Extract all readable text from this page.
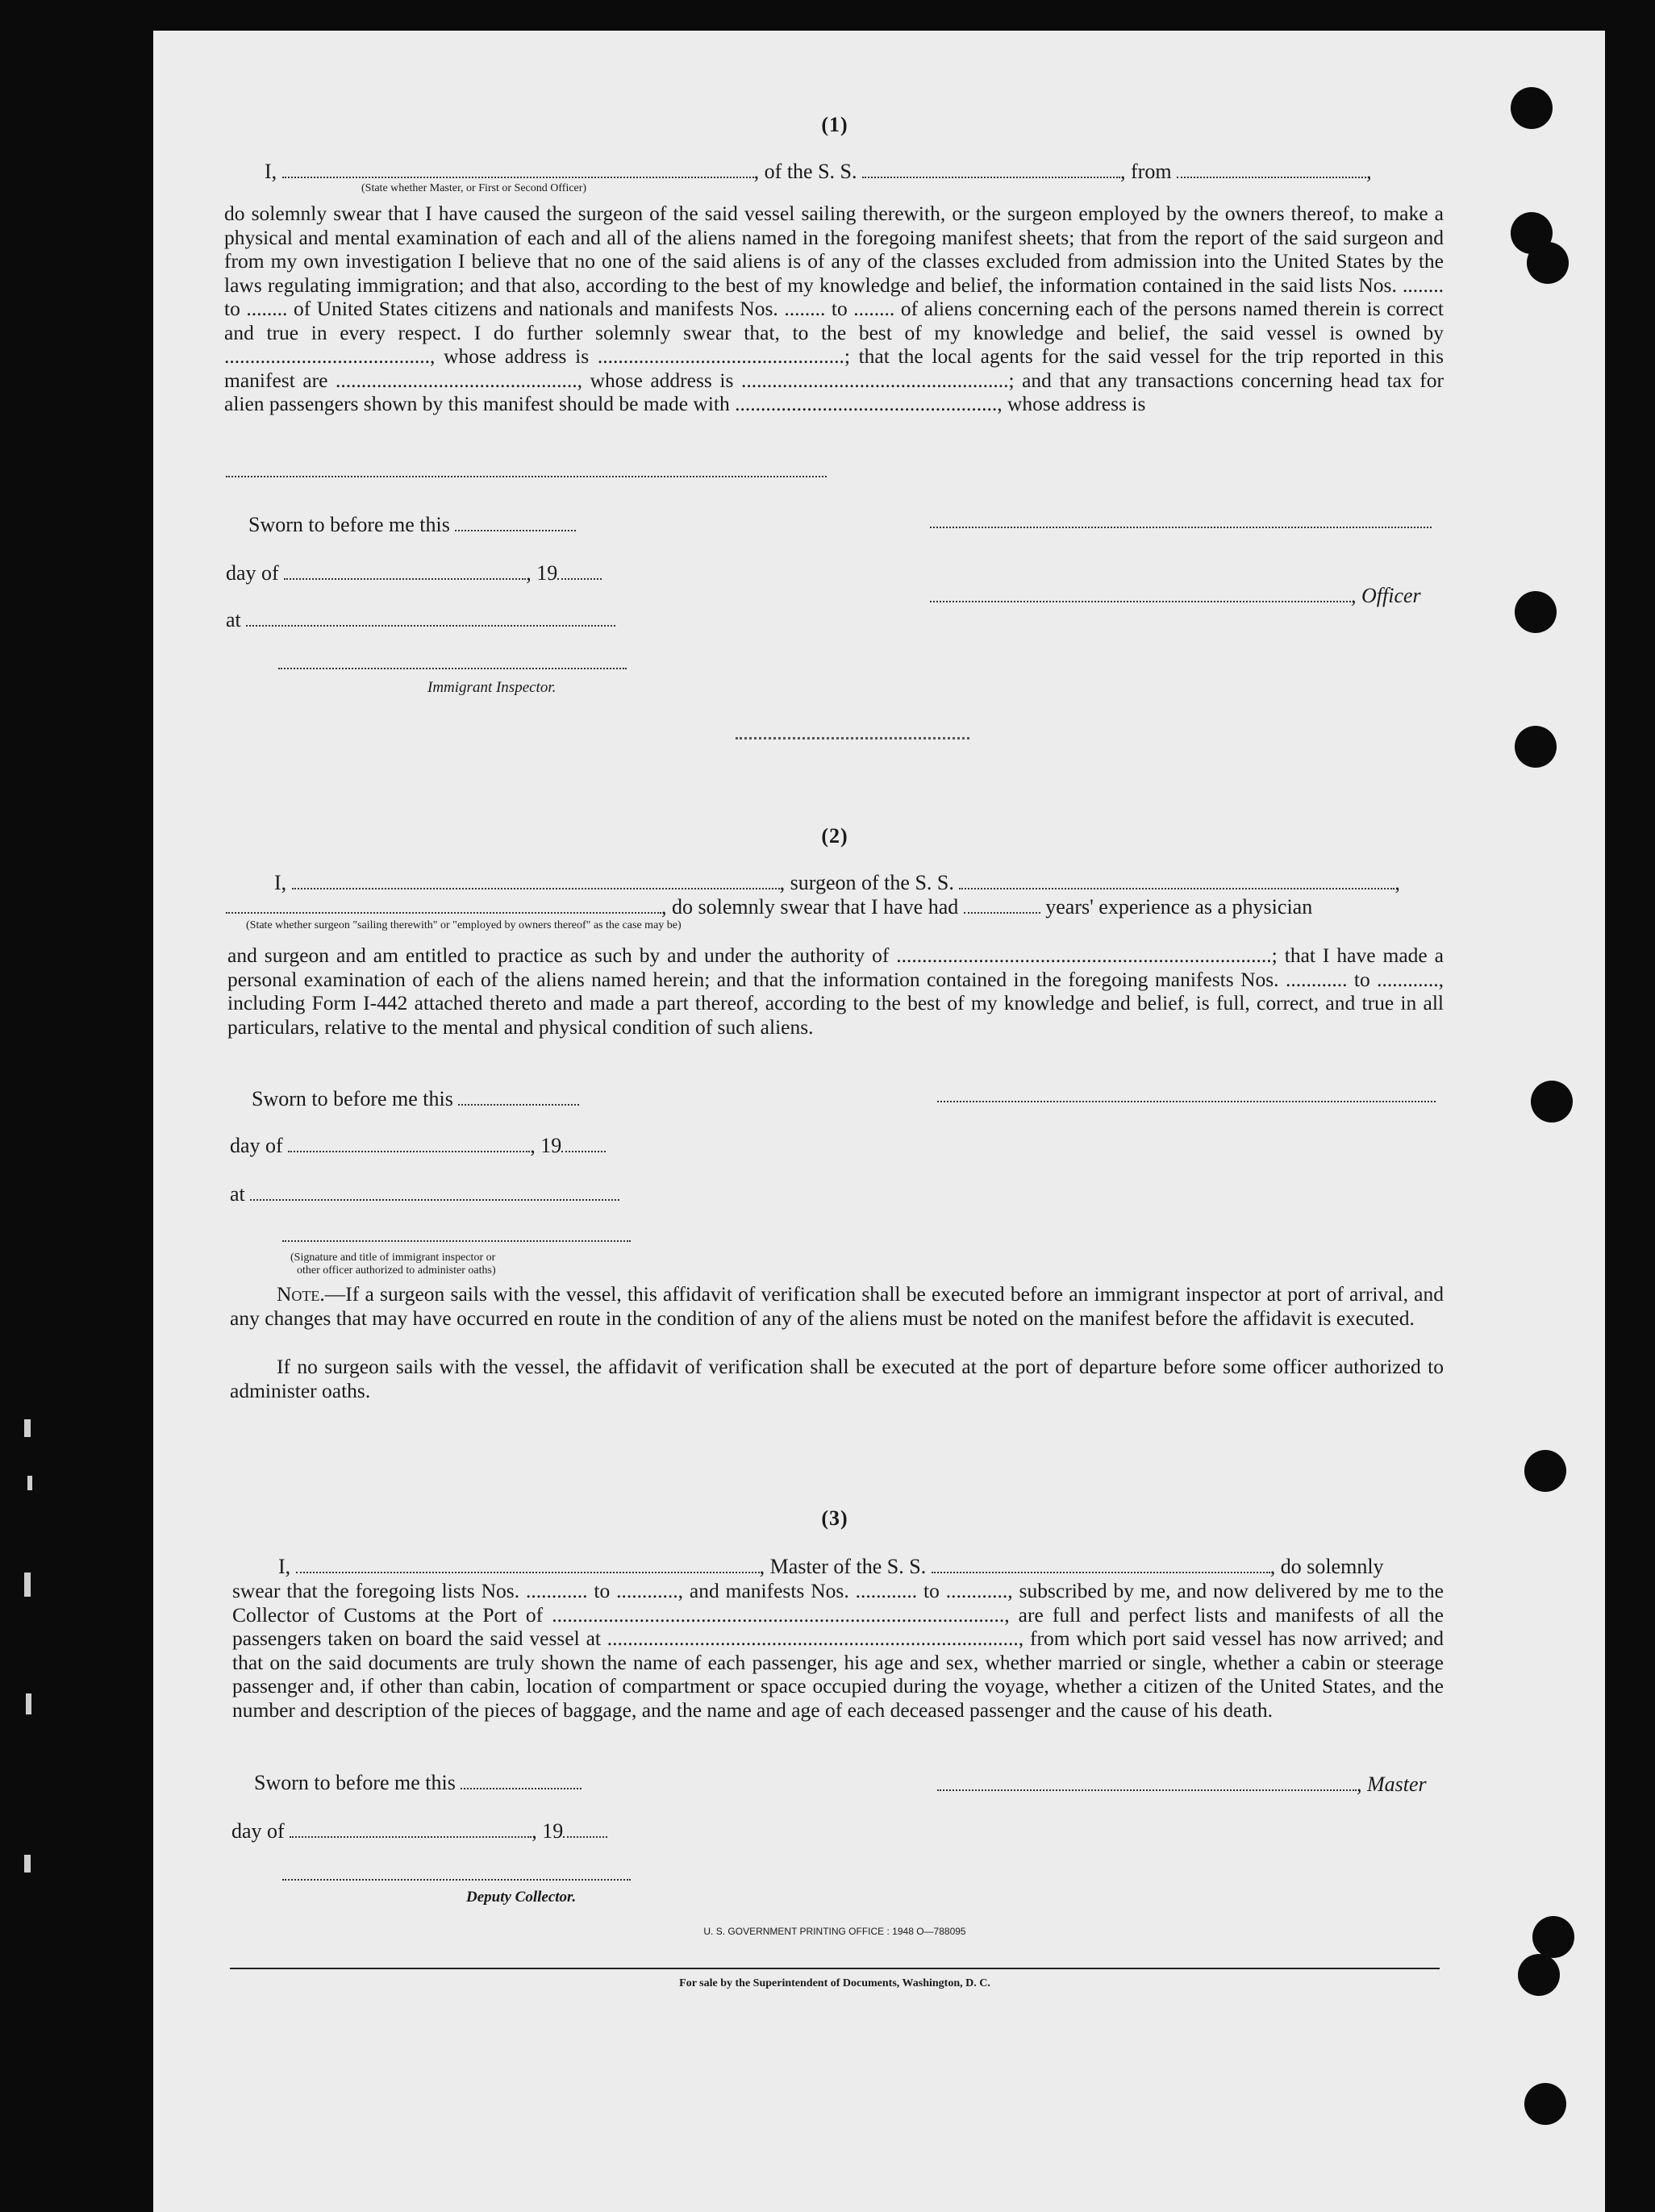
(1)
I,	, of the S. S.	, from	,
(State whether Master, or First or Second Officer)
do solemnly swear that I have caused the surgeon of the said vessel sailing therewith, or the surgeon employed by the owners thereof, to make a physical and mental examination of each and all of the aliens named in the foregoing manifest sheets; that from the report of the said surgeon and from my own investigation I believe that no one of the said aliens is of any of the classes excluded from admission into the United States by the laws regulating immigration; and that also, according to the best of my knowledge and belief, the information contained in the said lists Nos. ........ to ........ of United States citizens and nationals and manifests Nos. ........ to ........ of aliens concerning each of the persons named therein is correct and true in every respect. I do further solemnly swear that, to the best of my knowledge and belief, the said vessel is owned by ........................................, whose address is ................................................; that the local agents for the said vessel for the trip reported in this manifest are ..............................................., whose address is ....................................................; and that any transactions concerning head tax for alien passengers shown by this manifest should be made with ..................................................., whose address is
Sworn to before me this
day of	, 19
, Officer
at
Immigrant Inspector.
(2)
I,	, surgeon of the S. S.	,
, do solemnly swear that I have had	years' experience as a physician
(State whether surgeon "sailing therewith" or "employed by owners thereof" as the case may be)
and surgeon and am entitled to practice as such by and under the authority of .........................................................................; that I have made a personal examination of each of the aliens named herein; and that the information contained in the foregoing manifests Nos. ............ to ............, including Form I-442 attached thereto and made a part thereof, according to the best of my knowledge and belief, is full, correct, and true in all particulars, relative to the mental and physical condition of such aliens.
Sworn to before me this
day of	, 19
at
(Signature and title of immigrant inspector or
other officer authorized to administer oaths)
Note.—If a surgeon sails with the vessel, this affidavit of verification shall be executed before an immigrant inspector at port of arrival, and any changes that may have occurred en route in the condition of any of the aliens must be noted on the manifest before the affidavit is executed.
If no surgeon sails with the vessel, the affidavit of verification shall be executed at the port of departure before some officer authorized to administer oaths.
(3)
I,	, Master of the S. S.	, do solemnly
swear that the foregoing lists Nos. ............ to ............, and manifests Nos. ............ to ............, subscribed by me, and now delivered by me to the Collector of Customs at the Port of ........................................................................................, are full and perfect lists and manifests of all the passengers taken on board the said vessel at ................................................................................, from which port said vessel has now arrived; and that on the said documents are truly shown the name of each passenger, his age and sex, whether married or single, whether a cabin or steerage passenger and, if other than cabin, location of compartment or space occupied during the voyage, whether a citizen of the United States, and the number and description of the pieces of baggage, and the name and age of each deceased passenger and the cause of his death.
Sworn to before me this	, Master
day of	, 19
Deputy Collector.
U. S. GOVERNMENT PRINTING OFFICE : 1948 O—788095
For sale by the Superintendent of Documents, Washington, D. C.
